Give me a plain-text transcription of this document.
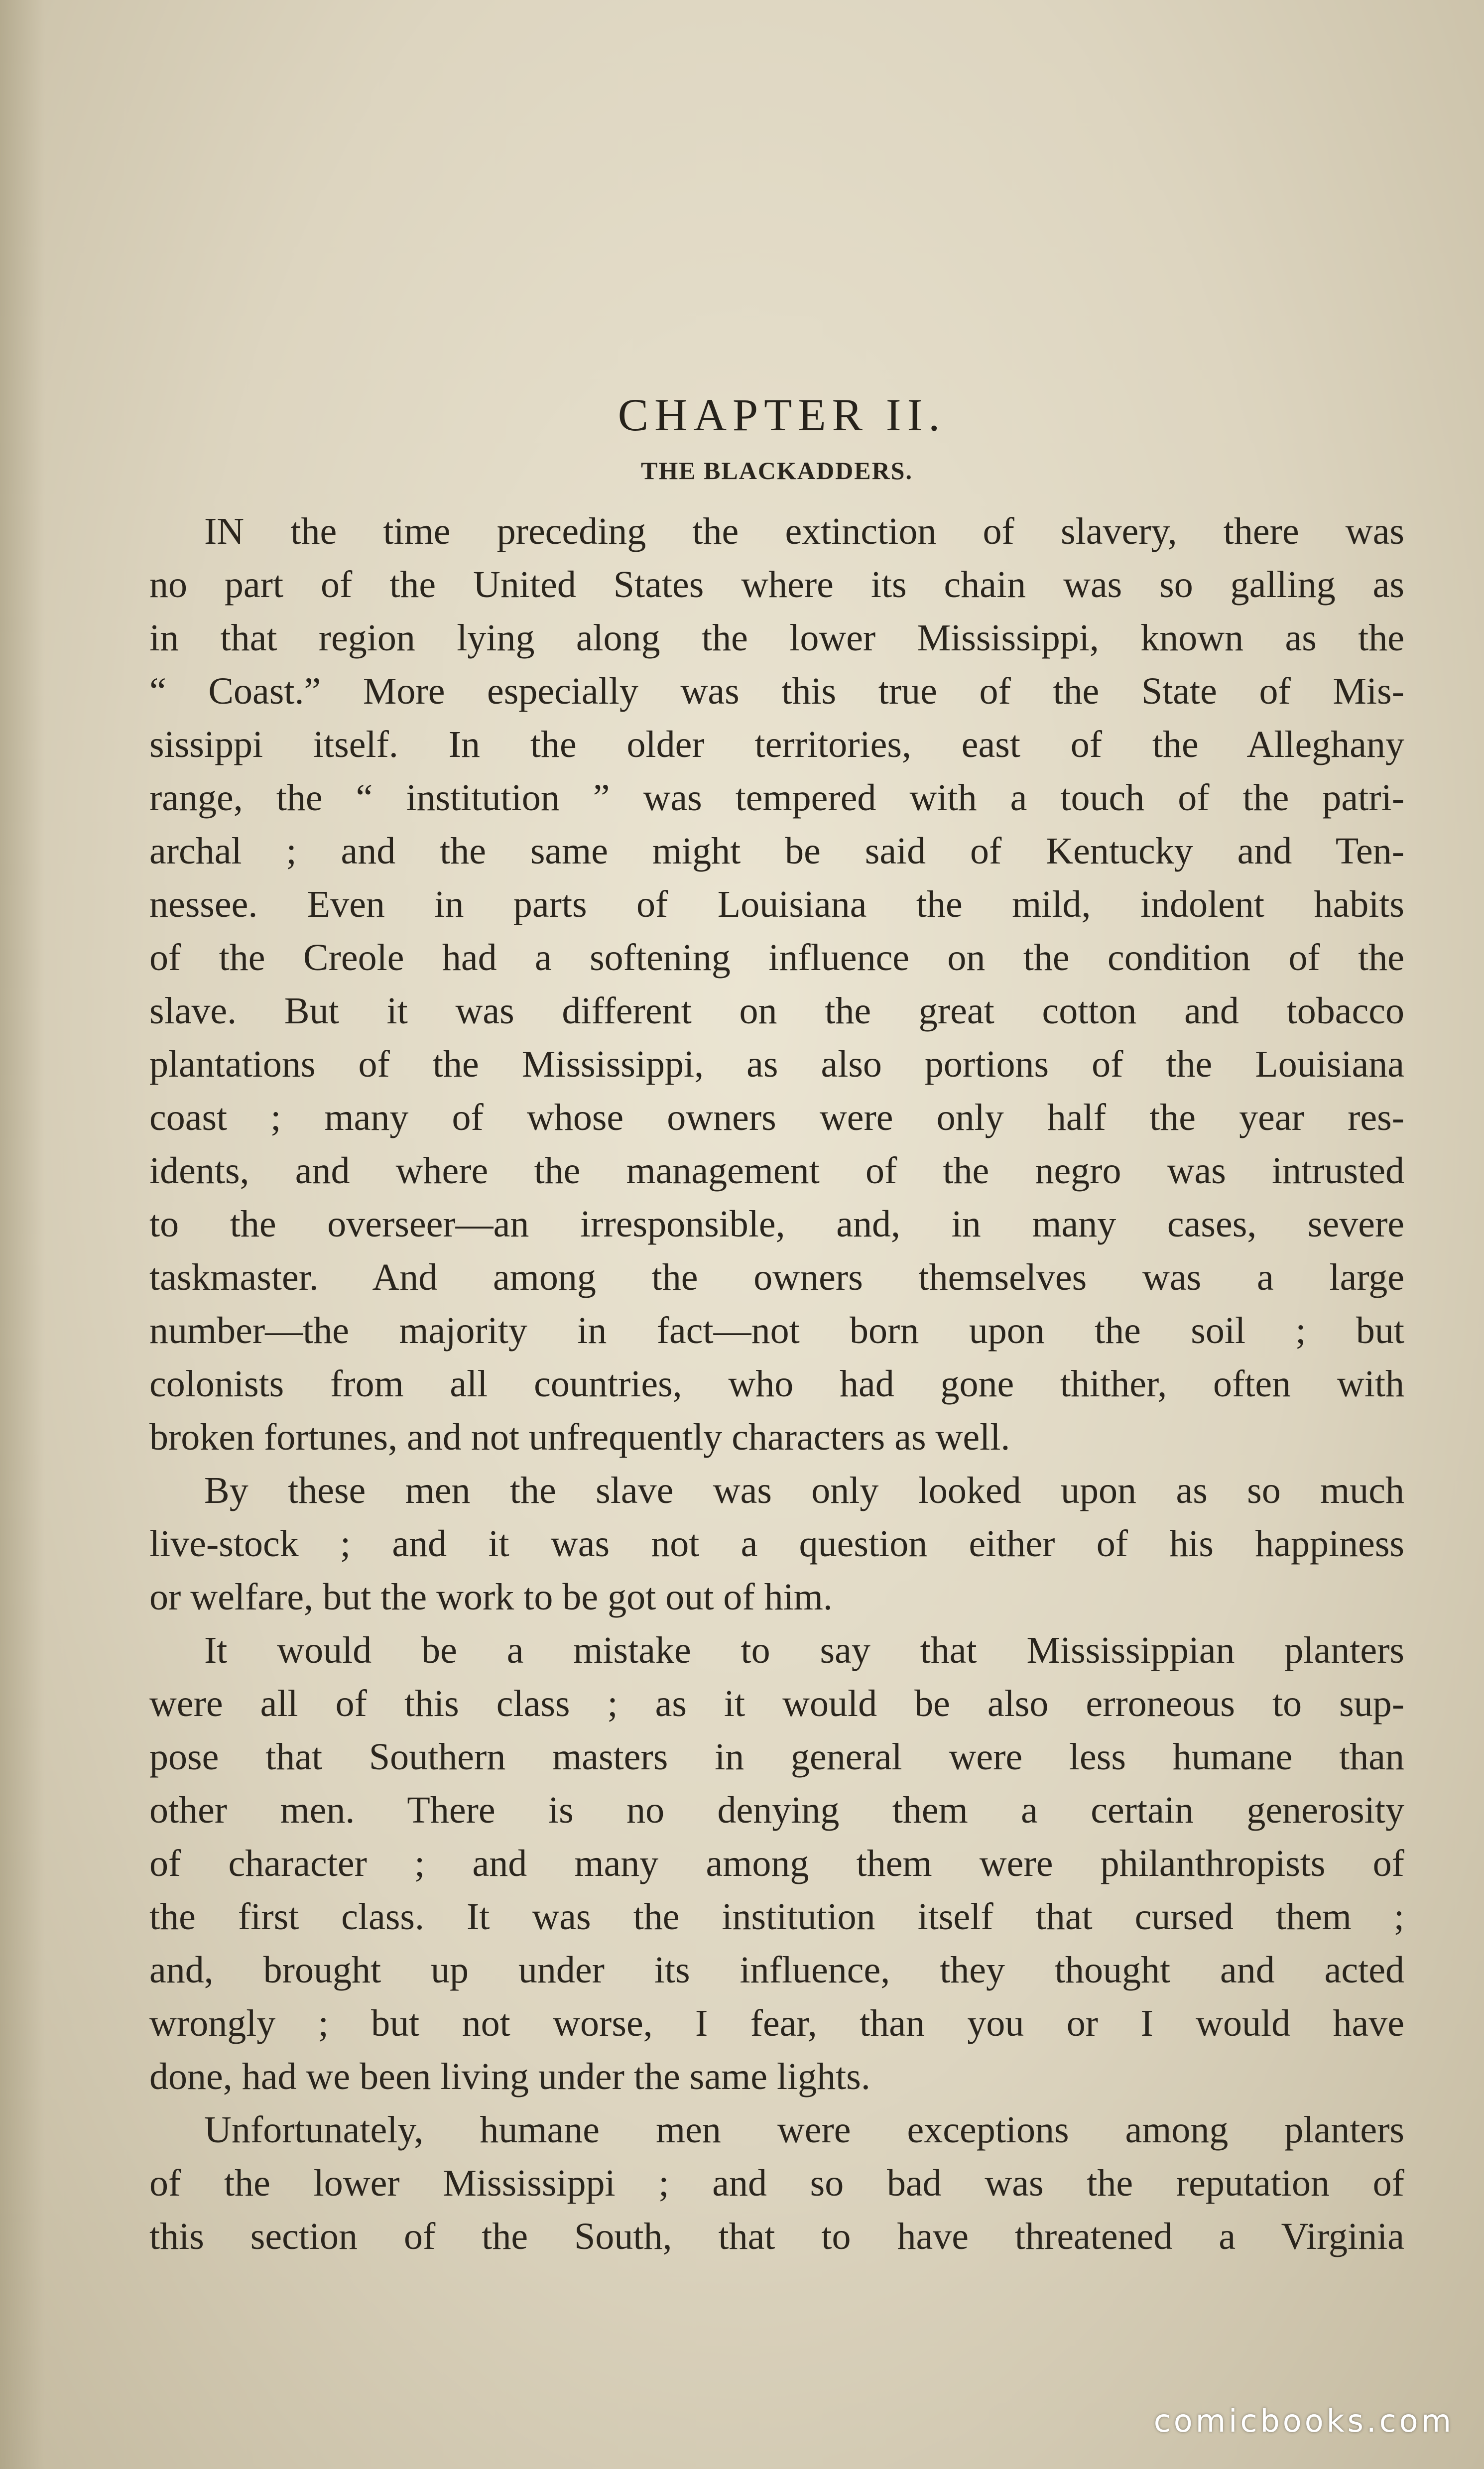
CHAPTER II.
THE BLACKADDERS.
IN the time preceding the extinction of slavery, there was
no part of the United States where its chain was so galling as
in that region lying along the lower Mississippi, known as the
“ Coast.” More especially was this true of the State of Mis-
sissippi itself. In the older territories, east of the Alleghany
range, the “ institution ” was tempered with a touch of the patri-
archal ; and the same might be said of Kentucky and Ten-
nessee. Even in parts of Louisiana the mild, indolent habits
of the Creole had a softening influence on the condition of the
slave. But it was different on the great cotton and tobacco
plantations of the Mississippi, as also portions of the Louisiana
coast ; many of whose owners were only half the year res-
idents, and where the management of the negro was intrusted
to the overseer—an irresponsible, and, in many cases, severe
taskmaster. And among the owners themselves was a large
number—the majority in fact—not born upon the soil ; but
colonists from all countries, who had gone thither, often with
broken fortunes, and not unfrequently characters as well.
By these men the slave was only looked upon as so much
live-stock ; and it was not a question either of his happiness
or welfare, but the work to be got out of him.
It would be a mistake to say that Mississippian planters
were all of this class ; as it would be also erroneous to sup-
pose that Southern masters in general were less humane than
other men. There is no denying them a certain generosity
of character ; and many among them were philanthropists of
the first class. It was the institution itself that cursed them ;
and, brought up under its influence, they thought and acted
wrongly ; but not worse, I fear, than you or I would have
done, had we been living under the same lights.
Unfortunately, humane men were exceptions among planters
of the lower Mississippi ; and so bad was the reputation of
this section of the South, that to have threatened a Virginia
comicbooks.com
